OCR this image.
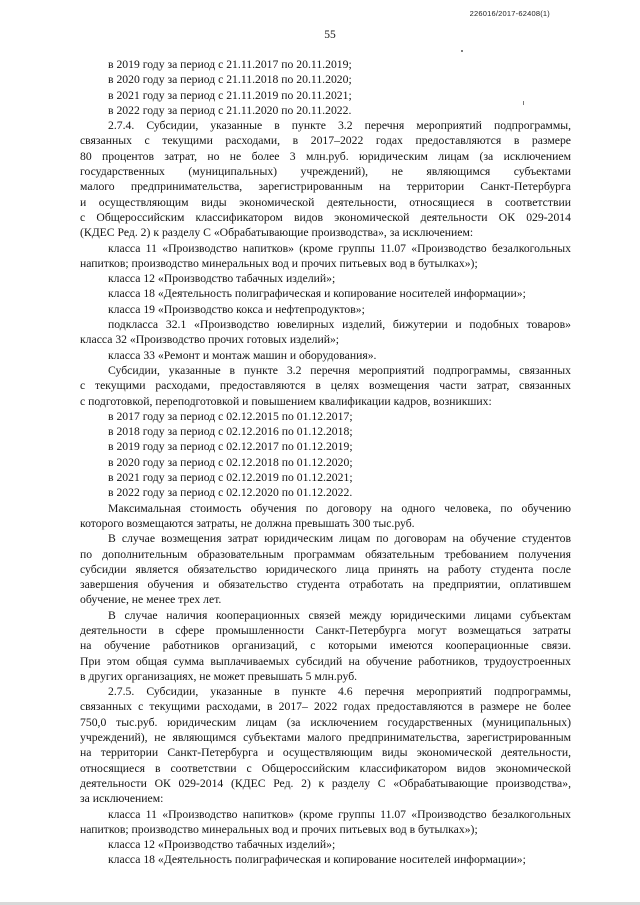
226016/2017-62408(1)
55

в 2019 году за период с 21.11.2017 по 20.11.2019;

в 2020 году за период с 21.11.2018 по 20.11.2020;

в 2021 году за период с 21.11.2019 по 20.11.2021;

в 2022 году за период с 21.11.2020 по 20.11.2022.

2.7.4. Субсидии, указанные в пункте 3.2 перечня мероприятий подпрограммы,

связанных с текущими расходами, в 2017–2022 годах предоставляются в размере

80 процентов затрат, но не более 3 млн.руб. юридическим лицам (за исключением

государственных (муниципальных) учреждений), не являющимся субъектами

малого предпринимательства, зарегистрированным на территории Санкт-Петербурга

и осуществляющим виды экономической деятельности, относящиеся в соответствии

с Общероссийским классификатором видов экономической деятельности ОК 029-2014

(КДЕС Ред. 2) к разделу С «Обрабатывающие производства», за исключением:

класса 11 «Производство напитков» (кроме группы 11.07 «Производство безалкогольных

напитков; производство минеральных вод и прочих питьевых вод в бутылках»);

класса 12 «Производство табачных изделий»;

класса 18 «Деятельность полиграфическая и копирование носителей информации»;

класса 19 «Производство кокса и нефтепродуктов»;

подкласса 32.1 «Производство ювелирных изделий, бижутерии и подобных товаров»

класса 32 «Производство прочих готовых изделий»;

класса 33 «Ремонт и монтаж машин и оборудования».

Субсидии, указанные в пункте 3.2 перечня мероприятий подпрограммы, связанных

с текущими расходами, предоставляются в целях возмещения части затрат, связанных

с подготовкой, переподготовкой и повышением квалификации кадров, возникших:

в 2017 году за период с 02.12.2015 по 01.12.2017;

в 2018 году за период с 02.12.2016 по 01.12.2018;

в 2019 году за период с 02.12.2017 по 01.12.2019;

в 2020 году за период с 02.12.2018 по 01.12.2020;

в 2021 году за период с 02.12.2019 по 01.12.2021;

в 2022 году за период с 02.12.2020 по 01.12.2022.

Максимальная стоимость обучения по договору на одного человека, по обучению

которого возмещаются затраты, не должна превышать 300 тыс.руб.

В случае возмещения затрат юридическим лицам по договорам на обучение студентов

по дополнительным образовательным программам обязательным требованием получения

субсидии является обязательство юридического лица принять на работу студента после

завершения обучения и обязательство студента отработать на предприятии, оплатившем

обучение, не менее трех лет.

В случае наличия кооперационных связей между юридическими лицами субъектам

деятельности в сфере промышленности Санкт-Петербурга могут возмещаться затраты

на обучение работников организаций, с которыми имеются кооперационные связи.

При этом общая сумма выплачиваемых субсидий на обучение работников, трудоустроенных

в других организациях, не может превышать 5 млн.руб.

2.7.5. Субсидии, указанные в пункте 4.6 перечня мероприятий подпрограммы,

связанных с текущими расходами, в 2017– 2022 годах предоставляются в размере не более

750,0 тыс.руб. юридическим лицам (за исключением государственных (муниципальных)

учреждений), не являющимся субъектами малого предпринимательства, зарегистрированным

на территории Санкт-Петербурга и осуществляющим виды экономической деятельности,

относящиеся в соответствии с Общероссийским классификатором видов экономической

деятельности ОК 029-2014 (КДЕС Ред. 2) к разделу С «Обрабатывающие производства»,

за исключением:

класса 11 «Производство напитков» (кроме группы 11.07 «Производство безалкогольных

напитков; производство минеральных вод и прочих питьевых вод в бутылках»);

класса 12 «Производство табачных изделий»;

класса 18 «Деятельность полиграфическая и копирование носителей информации»;
